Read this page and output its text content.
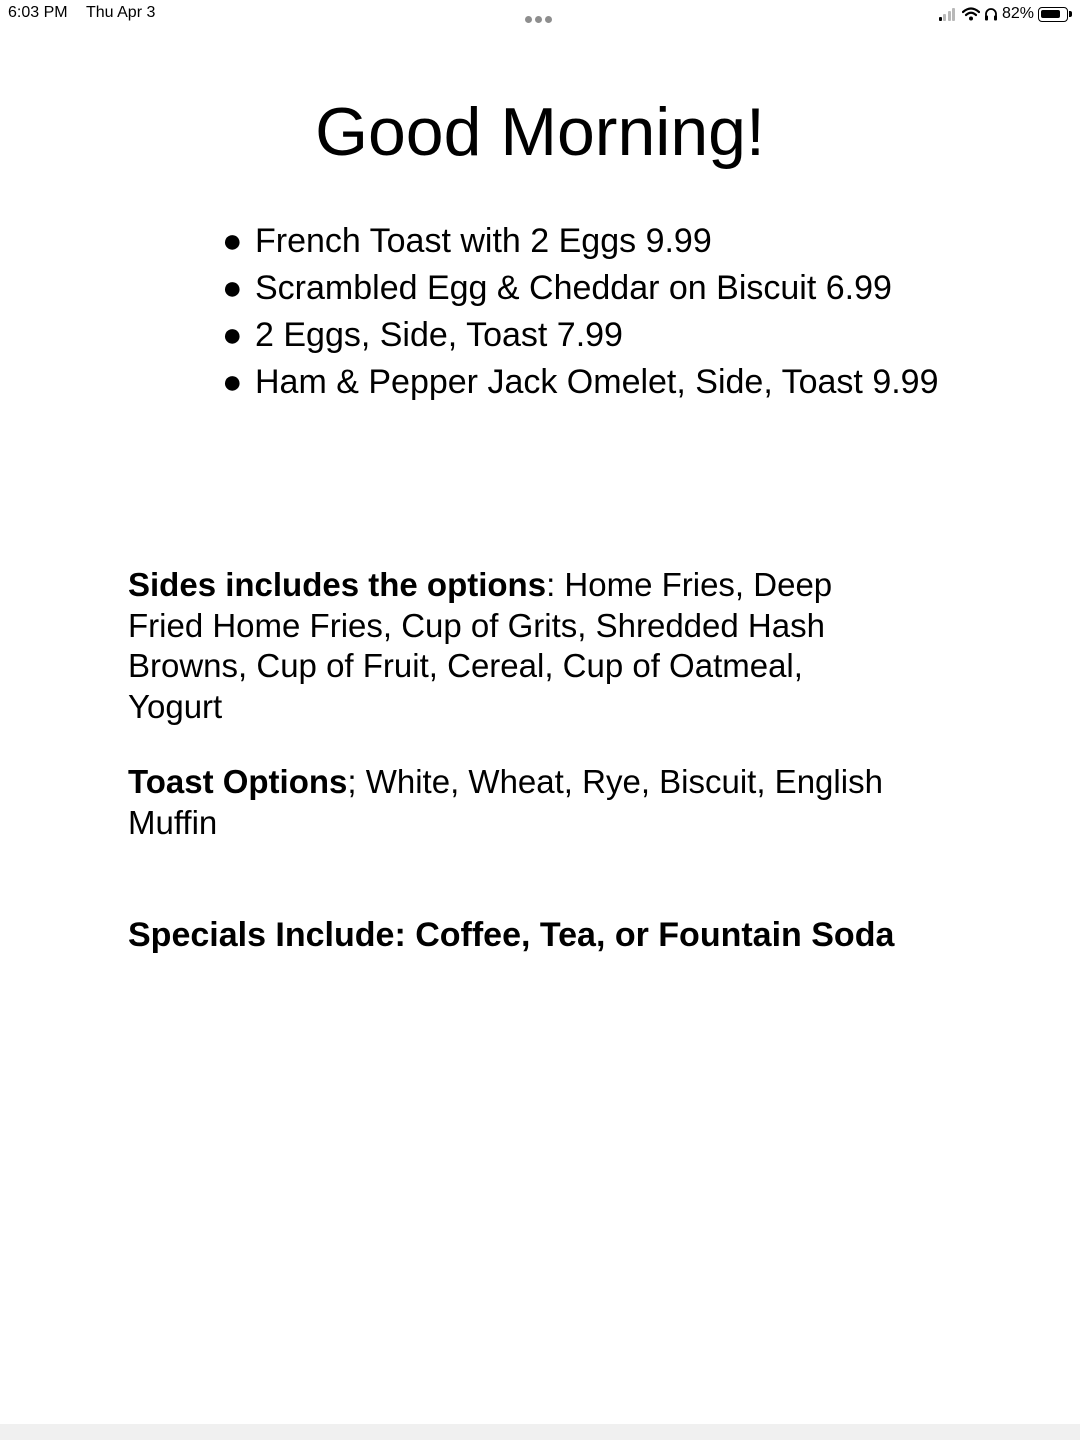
6:03 PM Thu Apr 3	82%
Good Morning!
● French Toast with 2 Eggs 9.99
● Scrambled Egg & Cheddar on Biscuit 6.99
● 2 Eggs, Side, Toast 7.99
● Ham & Pepper Jack Omelet, Side, Toast 9.99

Sides includes the options: Home Fries, Deep Fried Home Fries, Cup of Grits, Shredded Hash Browns, Cup of Fruit, Cereal, Cup of Oatmeal, Yogurt

Toast Options; White, Wheat, Rye, Biscuit, English Muffin

Specials Include: Coffee, Tea, or Fountain Soda
